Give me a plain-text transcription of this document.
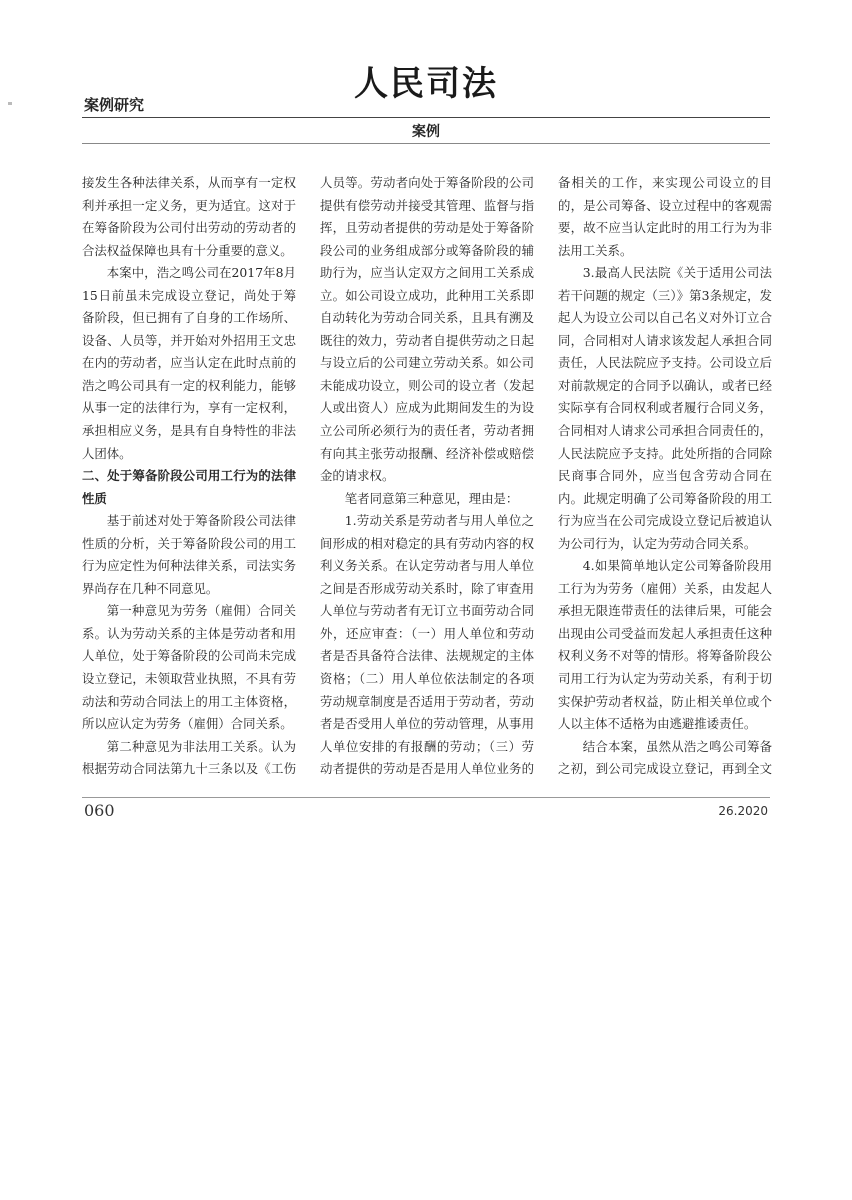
人民司法
案例研究
案例

接发生各种法律关系，从而享有一定权利并承担一定义务，更为适宜。这对于在筹备阶段为公司付出劳动的劳动者的合法权益保障也具有十分重要的意义。

本案中，浩之鸣公司在2017年8月15日前虽未完成设立登记，尚处于筹备阶段，但已拥有了自身的工作场所、设备、人员等，并开始对外招用王文忠在内的劳动者，应当认定在此时点前的浩之鸣公司具有一定的权利能力，能够从事一定的法律行为，享有一定权利，承担相应义务，是具有自身特性的非法人团体。

二、处于筹备阶段公司用工行为的法律性质

基于前述对处于筹备阶段公司法律性质的分析，关于筹备阶段公司的用工行为应定性为何种法律关系，司法实务界尚存在几种不同意见。

第一种意见为劳务（雇佣）合同关系。认为劳动关系的主体是劳动者和用人单位，处于筹备阶段的公司尚未完成设立登记，未领取营业执照，不具有劳动法和劳动合同法上的用工主体资格，所以应认定为劳务（雇佣）合同关系。

第二种意见为非法用工关系。认为根据劳动合同法第九十三条以及《工伤

人员等。劳动者向处于筹备阶段的公司提供有偿劳动并接受其管理、监督与指挥，且劳动者提供的劳动是处于筹备阶段公司的业务组成部分或筹备阶段的辅助行为，应当认定双方之间用工关系成立。如公司设立成功，此种用工关系即自动转化为劳动合同关系，且具有溯及既往的效力，劳动者自提供劳动之日起与设立后的公司建立劳动关系。如公司未能成功设立，则公司的设立者（发起人或出资人）应成为此期间发生的为设立公司所必须行为的责任者，劳动者拥有向其主张劳动报酬、经济补偿或赔偿金的请求权。

笔者同意第三种意见，理由是：

1.劳动关系是劳动者与用人单位之间形成的相对稳定的具有劳动内容的权利义务关系。在认定劳动者与用人单位之间是否形成劳动关系时，除了审查用人单位与劳动者有无订立书面劳动合同外，还应审查：（一）用人单位和劳动者是否具备符合法律、法规规定的主体资格；（二）用人单位依法制定的各项劳动规章制度是否适用于劳动者，劳动者是否受用人单位的劳动管理，从事用人单位安排的有报酬的劳动；（三）劳动者提供的劳动是否是用人单位业务的

备相关的工作，来实现公司设立的目的，是公司筹备、设立过程中的客观需要，故不应当认定此时的用工行为为非法用工关系。

3.最高人民法院《关于适用公司法若干问题的规定（三）》第3条规定，发起人为设立公司以自己名义对外订立合同，合同相对人请求该发起人承担合同责任，人民法院应予支持。公司设立后对前款规定的合同予以确认，或者已经实际享有合同权利或者履行合同义务，合同相对人请求公司承担合同责任的，人民法院应予支持。此处所指的合同除民商事合同外，应当包含劳动合同在内。此规定明确了公司筹备阶段的用工行为应当在公司完成设立登记后被追认为公司行为，认定为劳动合同关系。

4.如果简单地认定公司筹备阶段用工行为为劳务（雇佣）关系，由发起人承担无限连带责任的法律后果，可能会出现由公司受益而发起人承担责任这种权利义务不对等的情形。将筹备阶段公司用工行为认定为劳动关系，有利于切实保护劳动者权益，防止相关单位或个人以主体不适格为由逃避推诿责任。

结合本案，虽然从浩之鸣公司筹备之初，到公司完成设立登记，再到全文

060	26.2020
